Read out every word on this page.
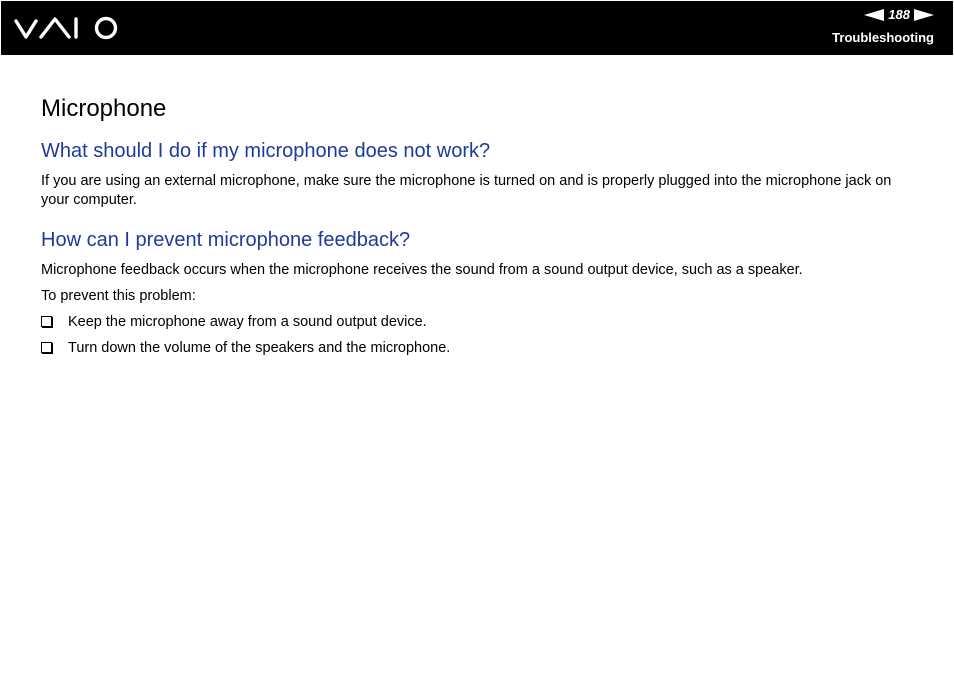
188
Troubleshooting
Microphone
What should I do if my microphone does not work?

If you are using an external microphone, make sure the microphone is turned on and is properly plugged into the microphone jack on your computer.

How can I prevent microphone feedback?

Microphone feedback occurs when the microphone receives the sound from a sound output device, such as a speaker.

To prevent this problem:

Keep the microphone away from a sound output device.
Turn down the volume of the speakers and the microphone.
